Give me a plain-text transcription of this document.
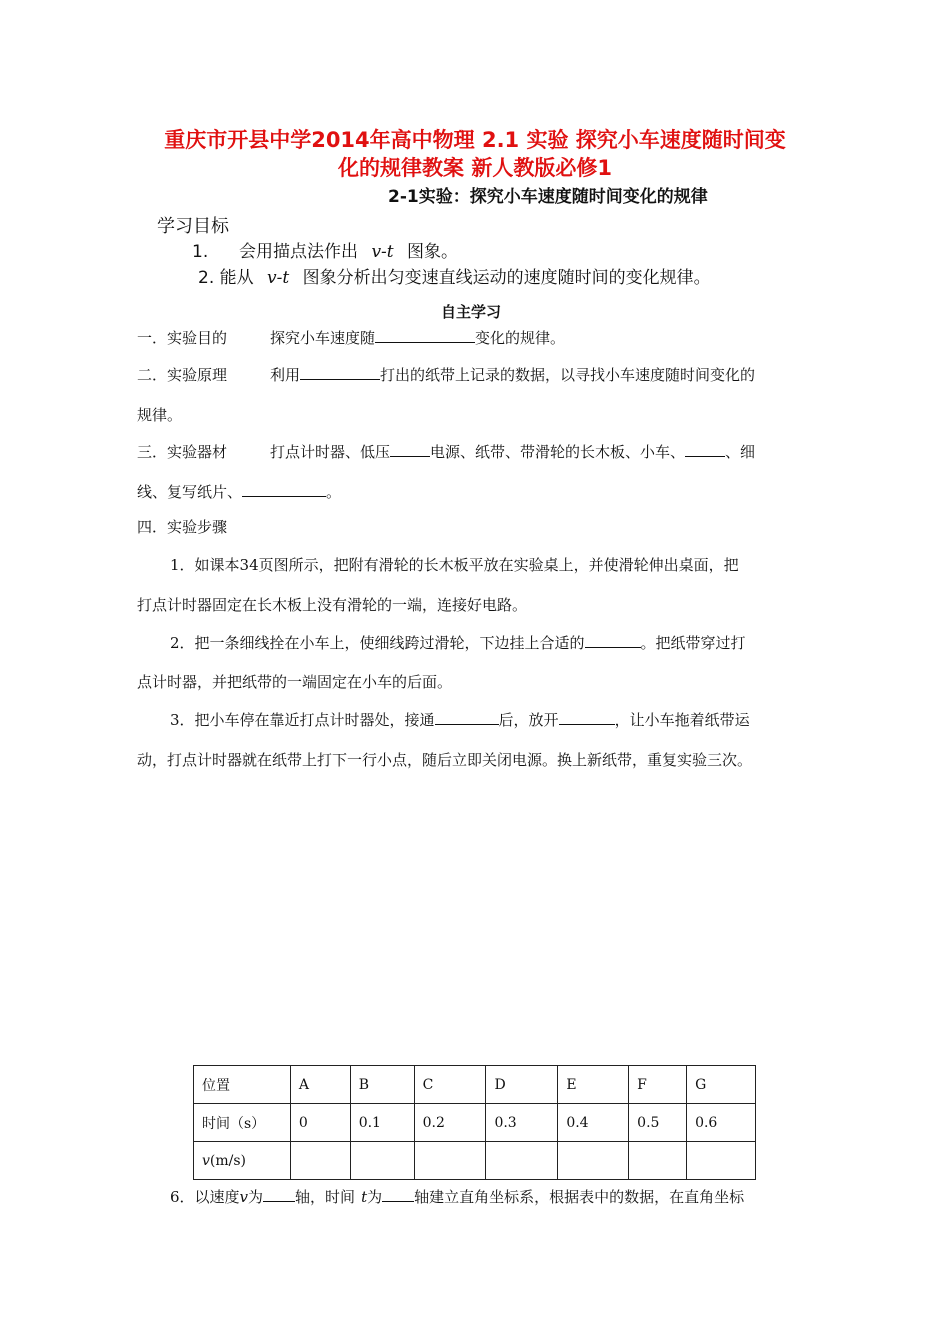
重庆市开县中学2014年高中物理 2.1 实验 探究小车速度随时间变
化的规律教案 新人教版必修1
2-1实验：探究小车速度随时间变化的规律
学习目标
1. 会用描点法作出 v-t 图象。
2. 能从 v-t 图象分析出匀变速直线运动的速度随时间的变化规律。
自主学习
一．实验目的	探究小车速度随	变化的规律。
二．实验原理	利用	打出的纸带上记录的数据，以寻找小车速度随时间变化的
规律。
三．实验器材	打点计时器、低压	电源、纸带、带滑轮的长木板、小车、	、细
线、复写纸片、	。
四．实验步骤
1．如课本34页图所示，把附有滑轮的长木板平放在实验桌上，并使滑轮伸出桌面，把
打点计时器固定在长木板上没有滑轮的一端，连接好电路。
2．把一条细线拴在小车上，使细线跨过滑轮，下边挂上合适的	。把纸带穿过打
点计时器，并把纸带的一端固定在小车的后面。
3．把小车停在靠近打点计时器处，接通	后，放开	，让小车拖着纸带运
动，打点计时器就在纸带上打下一行小点，随后立即关闭电源。换上新纸带，重复实验三次。
位置	A	B	C	D	E	F	G
时间（s）	0	0.1	0.2	0.3	0.4	0.5	0.6
v(m/s)							
6．以速度v为 轴，时间 t为 轴建立直角坐标系，根据表中的数据，在直角坐标
